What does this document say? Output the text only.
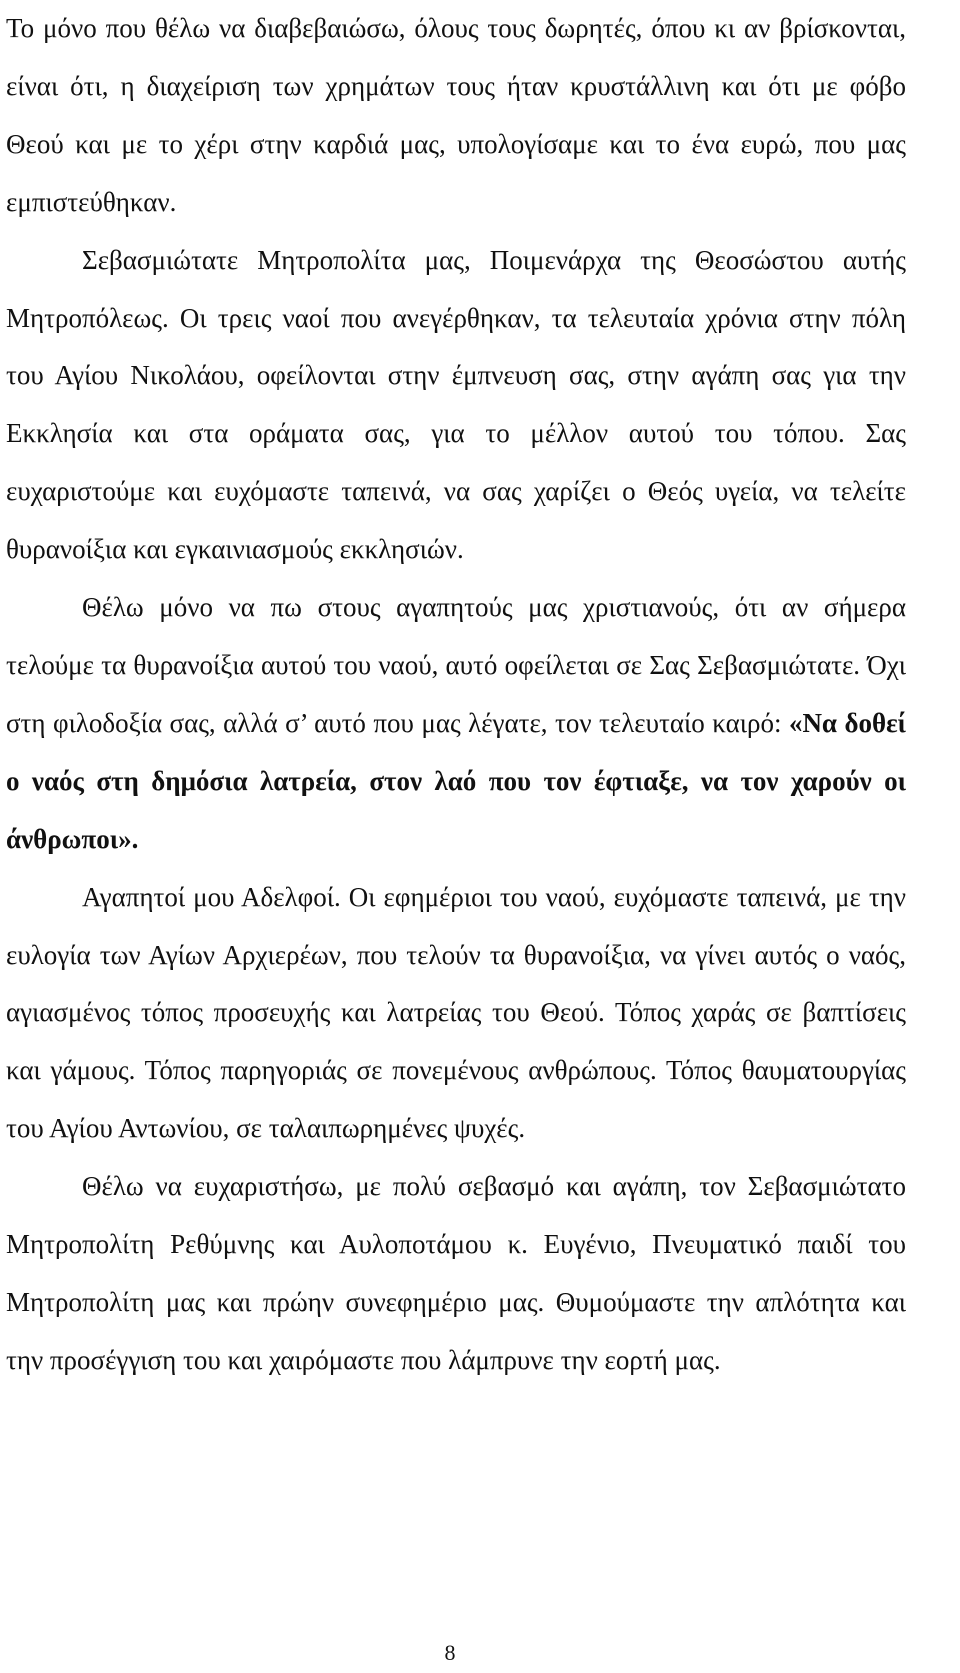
Το μόνο που θέλω να διαβεβαιώσω, όλους τους δωρητές, όπου κι αν βρίσκονται, είναι ότι, η διαχείριση των χρημάτων τους ήταν κρυστάλλινη και ότι με φόβο Θεού και με το χέρι στην καρδιά μας, υπολογίσαμε και το ένα ευρώ, που μας εμπιστεύθηκαν.

Σεβασμιώτατε Μητροπολίτα μας, Ποιμενάρχα της Θεοσώστου αυτής Μητροπόλεως. Οι τρεις ναοί που ανεγέρθηκαν, τα τελευταία χρόνια στην πόλη του Αγίου Νικολάου, οφείλονται στην έμπνευση σας, στην αγάπη σας για την Εκκλησία και στα οράματα σας, για το μέλλον αυτού του τόπου. Σας ευχαριστούμε και ευχόμαστε ταπεινά, να σας χαρίζει ο Θεός υγεία, να τελείτε θυρανοίξια και εγκαινιασμούς εκκλησιών.

Θέλω μόνο να πω στους αγαπητούς μας χριστιανούς, ότι αν σήμερα τελούμε τα θυρανοίξια αυτού του ναού, αυτό οφείλεται σε Σας Σεβασμιώτατε. Όχι στη φιλοδοξία σας, αλλά σ’ αυτό που μας λέγατε, τον τελευταίο καιρό: «Να δοθεί ο ναός στη δημόσια λατρεία, στον λαό που τον έφτιαξε, να τον χαρούν οι άνθρωποι».

Αγαπητοί μου Αδελφοί. Οι εφημέριοι του ναού, ευχόμαστε ταπεινά, με την ευλογία των Αγίων Αρχιερέων, που τελούν τα θυρανοίξια, να γίνει αυτός ο ναός, αγιασμένος τόπος προσευχής και λατρείας του Θεού. Τόπος χαράς σε βαπτίσεις και γάμους. Τόπος παρηγοριάς σε πονεμένους ανθρώπους. Τόπος θαυματουργίας του Αγίου Αντωνίου, σε ταλαιπωρημένες ψυχές.

Θέλω να ευχαριστήσω, με πολύ σεβασμό και αγάπη, τον Σεβασμιώτατο Μητροπολίτη Ρεθύμνης και Αυλοποτάμου κ. Ευγένιο, Πνευματικό παιδί του Μητροπολίτη μας και πρώην συνεφημέριο μας. Θυμούμαστε την απλότητα και την προσέγγιση του και χαιρόμαστε που λάμπρυνε την εορτή μας.

8
